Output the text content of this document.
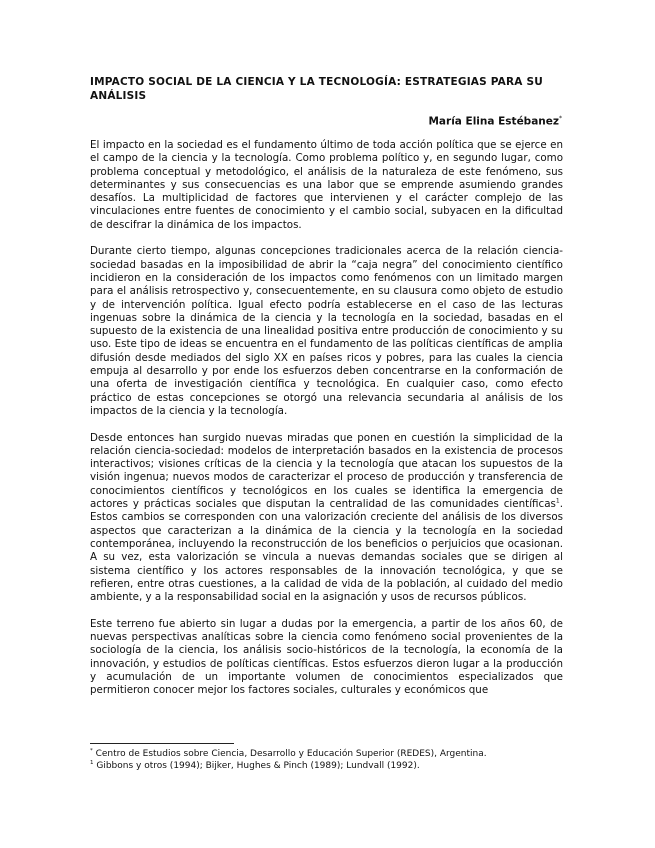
IMPACTO SOCIAL DE LA CIENCIA Y LA TECNOLOGÍA: ESTRATEGIAS PARA SU ANÁLISIS

María Elina Estébanez*

El impacto en la sociedad es el fundamento último de toda acción política que se ejerce en el campo de la ciencia y la tecnología. Como problema político y, en segundo lugar, como problema conceptual y metodológico, el análisis de la naturaleza de este fenómeno, sus determinantes y sus consecuencias es una labor que se emprende asumiendo grandes desafíos. La multiplicidad de factores que intervienen y el carácter complejo de las vinculaciones entre fuentes de conocimiento y el cambio social, subyacen en la dificultad de descifrar la dinámica de los impactos.

Durante cierto tiempo, algunas concepciones tradicionales acerca de la relación ciencia-sociedad basadas en la imposibilidad de abrir la “caja negra” del conocimiento científico incidieron en la consideración de los impactos como fenómenos con un limitado margen para el análisis retrospectivo y, consecuentemente, en su clausura como objeto de estudio y de intervención política. Igual efecto podría establecerse en el caso de las lecturas ingenuas sobre la dinámica de la ciencia y la tecnología en la sociedad, basadas en el supuesto de la existencia de una linealidad positiva entre producción de conocimiento y su uso. Este tipo de ideas se encuentra en el fundamento de las políticas científicas de amplia difusión desde mediados del siglo XX en países ricos y pobres, para las cuales la ciencia empuja al desarrollo y por ende los esfuerzos deben concentrarse en la conformación de una oferta de investigación científica y tecnológica. En cualquier caso, como efecto práctico de estas concepciones se otorgó una relevancia secundaria al análisis de los impactos de la ciencia y la tecnología.

Desde entonces han surgido nuevas miradas que ponen en cuestión la simplicidad de la relación ciencia-sociedad: modelos de interpretación basados en la existencia de procesos interactivos; visiones críticas de la ciencia y la tecnología que atacan los supuestos de la visión ingenua; nuevos modos de caracterizar el proceso de producción y transferencia de conocimientos científicos y tecnológicos en los cuales se identifica la emergencia de actores y prácticas sociales que disputan la centralidad de las comunidades científicas$^1$. Estos cambios se corresponden con una valorización creciente del análisis de los diversos aspectos que caracterizan a la dinámica de la ciencia y la tecnología en la sociedad contemporánea, incluyendo la reconstrucción de los beneficios o perjuicios que ocasionan. A su vez, esta valorización se vincula a nuevas demandas sociales que se dirigen al sistema científico y los actores responsables de la innovación tecnológica, y que se refieren, entre otras cuestiones, a la calidad de vida de la población, al cuidado del medio ambiente, y a la responsabilidad social en la asignación y usos de recursos públicos.

Este terreno fue abierto sin lugar a dudas por la emergencia, a partir de los años 60, de nuevas perspectivas analíticas sobre la ciencia como fenómeno social provenientes de la sociología de la ciencia, los análisis socio-históricos de la tecnología, la economía de la innovación, y estudios de políticas científicas. Estos esfuerzos dieron lugar a la producción y acumulación de un importante volumen de conocimientos especializados que permitieron conocer mejor los factores sociales, culturales y económicos que

* Centro de Estudios sobre Ciencia, Desarrollo y Educación Superior (REDES), Argentina.

$^1$ Gibbons y otros (1994); Bijker, Hughes & Pinch (1989); Lundvall (1992).
